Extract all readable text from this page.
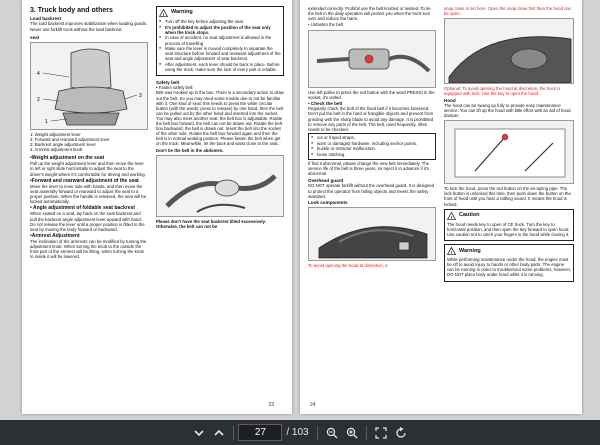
3. Truck body and others
Load backrest

The load backrest improves stabilization when loading goods. Never use forklift truck without the load backrest.

seat
4
2
3
1
1: Weight adjustment lever
2: Forward and rearward adjustment lever
3: Backrest angle adjustment lever
4: Armrest adjustment knob
•Weight adjustment on the seat

Pull up the weight adjustment lever and then move the lever to left or right slide horizontally to adjust the seat to the driver's weight where it's comfortable for driving and working.

•Forward and rearward adjustment of the seat

Move the lever to inner side with hands, and then move the seat assembly forward or rearward to adjust the seat to a proper position. When the handle is released, the seat will be locked automatically.

• Angle adjustment of foldable seat backrest

When seated on a seat, lay back on the seat backrest and pull the backrest angle adjustment lever upward with hand. Do not release the lever until a proper position is fitted to the seat by moving the body forward or backward.

•Armrest Adjustment

The inclination of the armrests can be modified by turning the adjustment knob. When turning the knob to the outside the front part of the armrest will be lifting, when turning the knob to inside it will be lowered.

! Warning
● Turn off the key before adjusting the seat.
● It's prohibited to adjust the position of the seat only when the truck stops.
● In case of accident, no seat adjustment is allowed in the process of travelling
● Make sure the lever is moved completely to separate the seat structure before forward and rearward adjustment of the seat and angle adjustment of seat backrest.
● After adjustment, each lever should be back in place. Before using the truck, make sure the lock of every part is reliable.
Safety belt
• Fasten safety belt

Belt was hooked up in the box. There is a secondary action to draw out the belt. So you may need some trouble due to not be familiar with it. One kind of seat: this needs to press the white circular button (with the words: press to release) by one hand, then the belt can be pulled out by the other hand and inserted into the socket. You may also meet another seat: the belt box is adjustable. Rotate the belt box forward, the belt can not be drawn out. Rotate the belt box backward, the belt is drawn out. Insert the belt into the socket of the other side. Rotate the belt box forward again and then the belt is in normal working position. Please fasten the belt when get on the truck. Meanwhile, let the back and waist close to the seat.

Don't tie the belt in the abdomen.

Please don't have the seat backrest tilted excessively. Otherwise, the belt can not be

23

extended correctly. Prohibit use the belt knotted or twisted. To tie the belt in the daily operation will protect you when the truck turn over and reduce the harm.

• Unfasten the belt

Use left pollex to press the red button with the word PRESS) in the socket, it's united.

• Check the belt

Regularly check the bolt of the fixed belt if it becomes loosened. Don't put the belt in the hard or frangible objects and prevent from grinding with the sharp blade to avoid any damage. It is prohibited to remove any parts of the belt. The belt, used frequently, often needs to be checked.

● cut or frayed straps.
● worn or damaged hardware, including anchor points.
● buckle or retractor malfunction.
● loose stitching.

If find it abnormal, please change the new belt immediately. The service life of the belt is three years, so reject it in advance if it's abnormal.

Overhead guard

DO NOT operate forklift without the overhead guard. It is designed to protect the operator from falling objects and meets the safety standard.

Look components

To avoid opening the hood at discretion, a

snap close is set here. Open the snap close first then the hood can be open.

Optional: To avoid opening the hood at discretion, the truck is equipped with lock. Use the key to open the hood.

Hood

The hood can be swung up fully to provide easy maintenance service. You can lift up the hood with little effort with an aid of hood damper.

To lock the hood, press the red button on the air-spring pipe. The lock button is unlocked this time, then push down the button on the front of hood until you hear a rattling sound. It means the hood is locked.

! Caution

The hood needs key to open of CE truck. Turn the key to horizontal position, and then open the key forward to open hood. Use caution not to catch your fingers in the hood while closing it.

! Warning

While performing maintenance under the hood, the engine must be off to avoid injury to hands or other body parts. The engine can be running in order to troubleshoot some problems, however, DO NOT place body under hood while it is running.

24
27
/ 103
